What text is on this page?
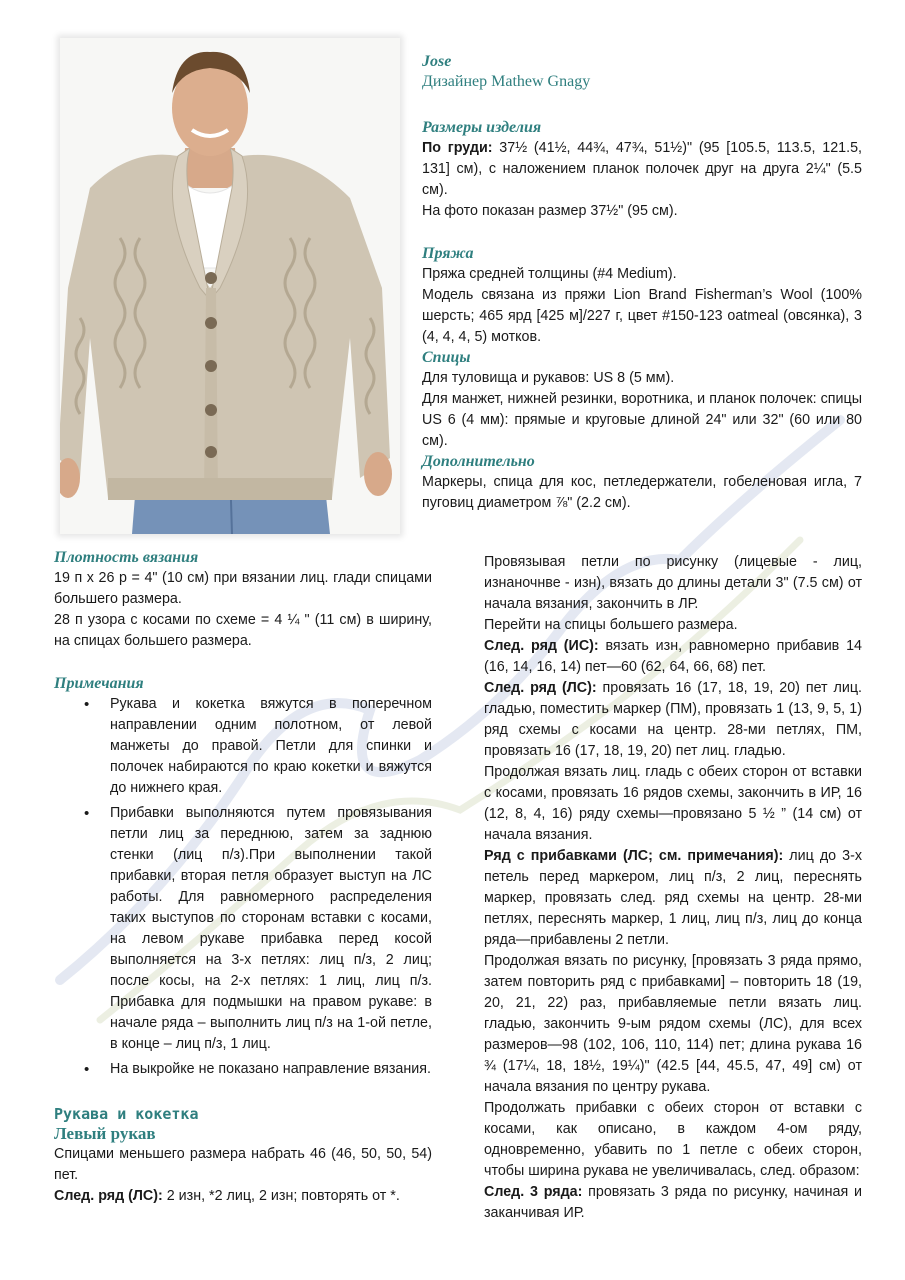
Jose

Дизайнер Mathew Gnagy

Размеры изделия

По груди: 37½ (41½, 44¾, 47¾, 51½)" (95 [105.5, 113.5, 121.5, 131] см), с наложением планок полочек друг на друга 2¼" (5.5 см).

На фото показан размер 37½" (95 см).

Пряжа

Пряжа средней толщины (#4 Medium).

Модель связана из пряжи Lion Brand Fisherman’s Wool (100% шерсть; 465 ярд [425 м]/227 г, цвет #150-123 oatmeal (овсянка), 3 (4, 4, 4, 5) мотков.

Спицы

Для туловища и рукавов: US 8 (5 мм).

Для манжет, нижней резинки, воротника, и планок полочек: спицы US 6 (4 мм): прямые и круговые длиной 24" или 32" (60 или 80 см).

Дополнительно

Маркеры, спица для кос, петледержатели, гобеленовая игла, 7 пуговиц диаметром ⅞" (2.2 см).

Плотность вязания

19 п х 26 р = 4" (10 см) при вязании лиц. глади спицами большего размера.

28 п узора с косами по схеме = 4 ¼ " (11 см) в ширину, на спицах большего размера.

Примечания

• Рукава и кокетка вяжутся в поперечном направлении одним полотном, от левой манжеты до правой. Петли для спинки и полочек набираются по краю кокетки и вяжутся до нижнего края.
• Прибавки выполняются путем провязывания петли лиц за переднюю, затем за заднюю стенки (лиц п/з).При выполнении такой прибавки, вторая петля образует выступ на ЛС работы. Для равномерного распределения таких выступов по сторонам вставки с косами, на левом рукаве прибавка перед косой выполняется на 3-х петлях: лиц п/з, 2 лиц; после косы, на 2-х петлях: 1 лиц, лиц п/з. Прибавка для подмышки на правом рукаве: в начале ряда – выполнить лиц п/з на 1-ой петле, в конце – лиц п/з, 1 лиц.
• На выкройке не показано направление вязания.

Рукава и кокетка

Левый рукав

Спицами меньшего размера набрать 46 (46, 50, 50, 54) пет.

След. ряд (ЛС): 2 изн, *2 лиц, 2 изн; повторять от *.

Провязывая петли по рисунку (лицевые - лиц, изнаночнве - изн), вязать до длины детали 3" (7.5 см) от начала вязания, закончить в ЛР.

Перейти на спицы большего размера.

След. ряд (ИС): вязать изн, равномерно прибавив 14 (16, 14, 16, 14) пет—60 (62, 64, 66, 68) пет.

След. ряд (ЛС): провязать 16 (17, 18, 19, 20) пет лиц. гладью, поместить маркер (ПМ), провязать 1 (13, 9, 5, 1) ряд схемы с косами на центр. 28-ми петлях, ПМ, провязать 16 (17, 18, 19, 20) пет лиц. гладью.

Продолжая вязать лиц. гладь с обеих сторон от вставки с косами, провязать 16 рядов схемы, закончить в ИР, 16 (12, 8, 4, 16) ряду схемы—провязано 5 ½ ” (14 см) от начала вязания.

Ряд с прибавками (ЛС; см. примечания): лиц до 3-х петель перед маркером, лиц п/з, 2 лиц, переснять маркер, провязать след. ряд схемы на центр. 28-ми петлях, переснять маркер, 1 лиц, лиц п/з, лиц до конца ряда—прибавлены 2 петли.

Продолжая вязать по рисунку, [провязать 3 ряда прямо, затем повторить ряд с прибавками] – повторить 18 (19, 20, 21, 22) раз, прибавляемые петли вязать лиц. гладью, закончить 9-ым рядом схемы (ЛС), для всех размеров—98 (102, 106, 110, 114) пет; длина рукава 16 ¾ (17¼, 18, 18½, 19¼)" (42.5 [44, 45.5, 47, 49] см) от начала вязания по центру рукава.

Продолжать прибавки с обеих сторон от вставки с косами, как описано, в каждом 4-ом ряду, одновременно, убавить по 1 петле с обеих сторон, чтобы ширина рукава не увеличивалась, след. образом:

След. 3 ряда: провязать 3 ряда по рисунку, начиная и заканчивая ИР.
